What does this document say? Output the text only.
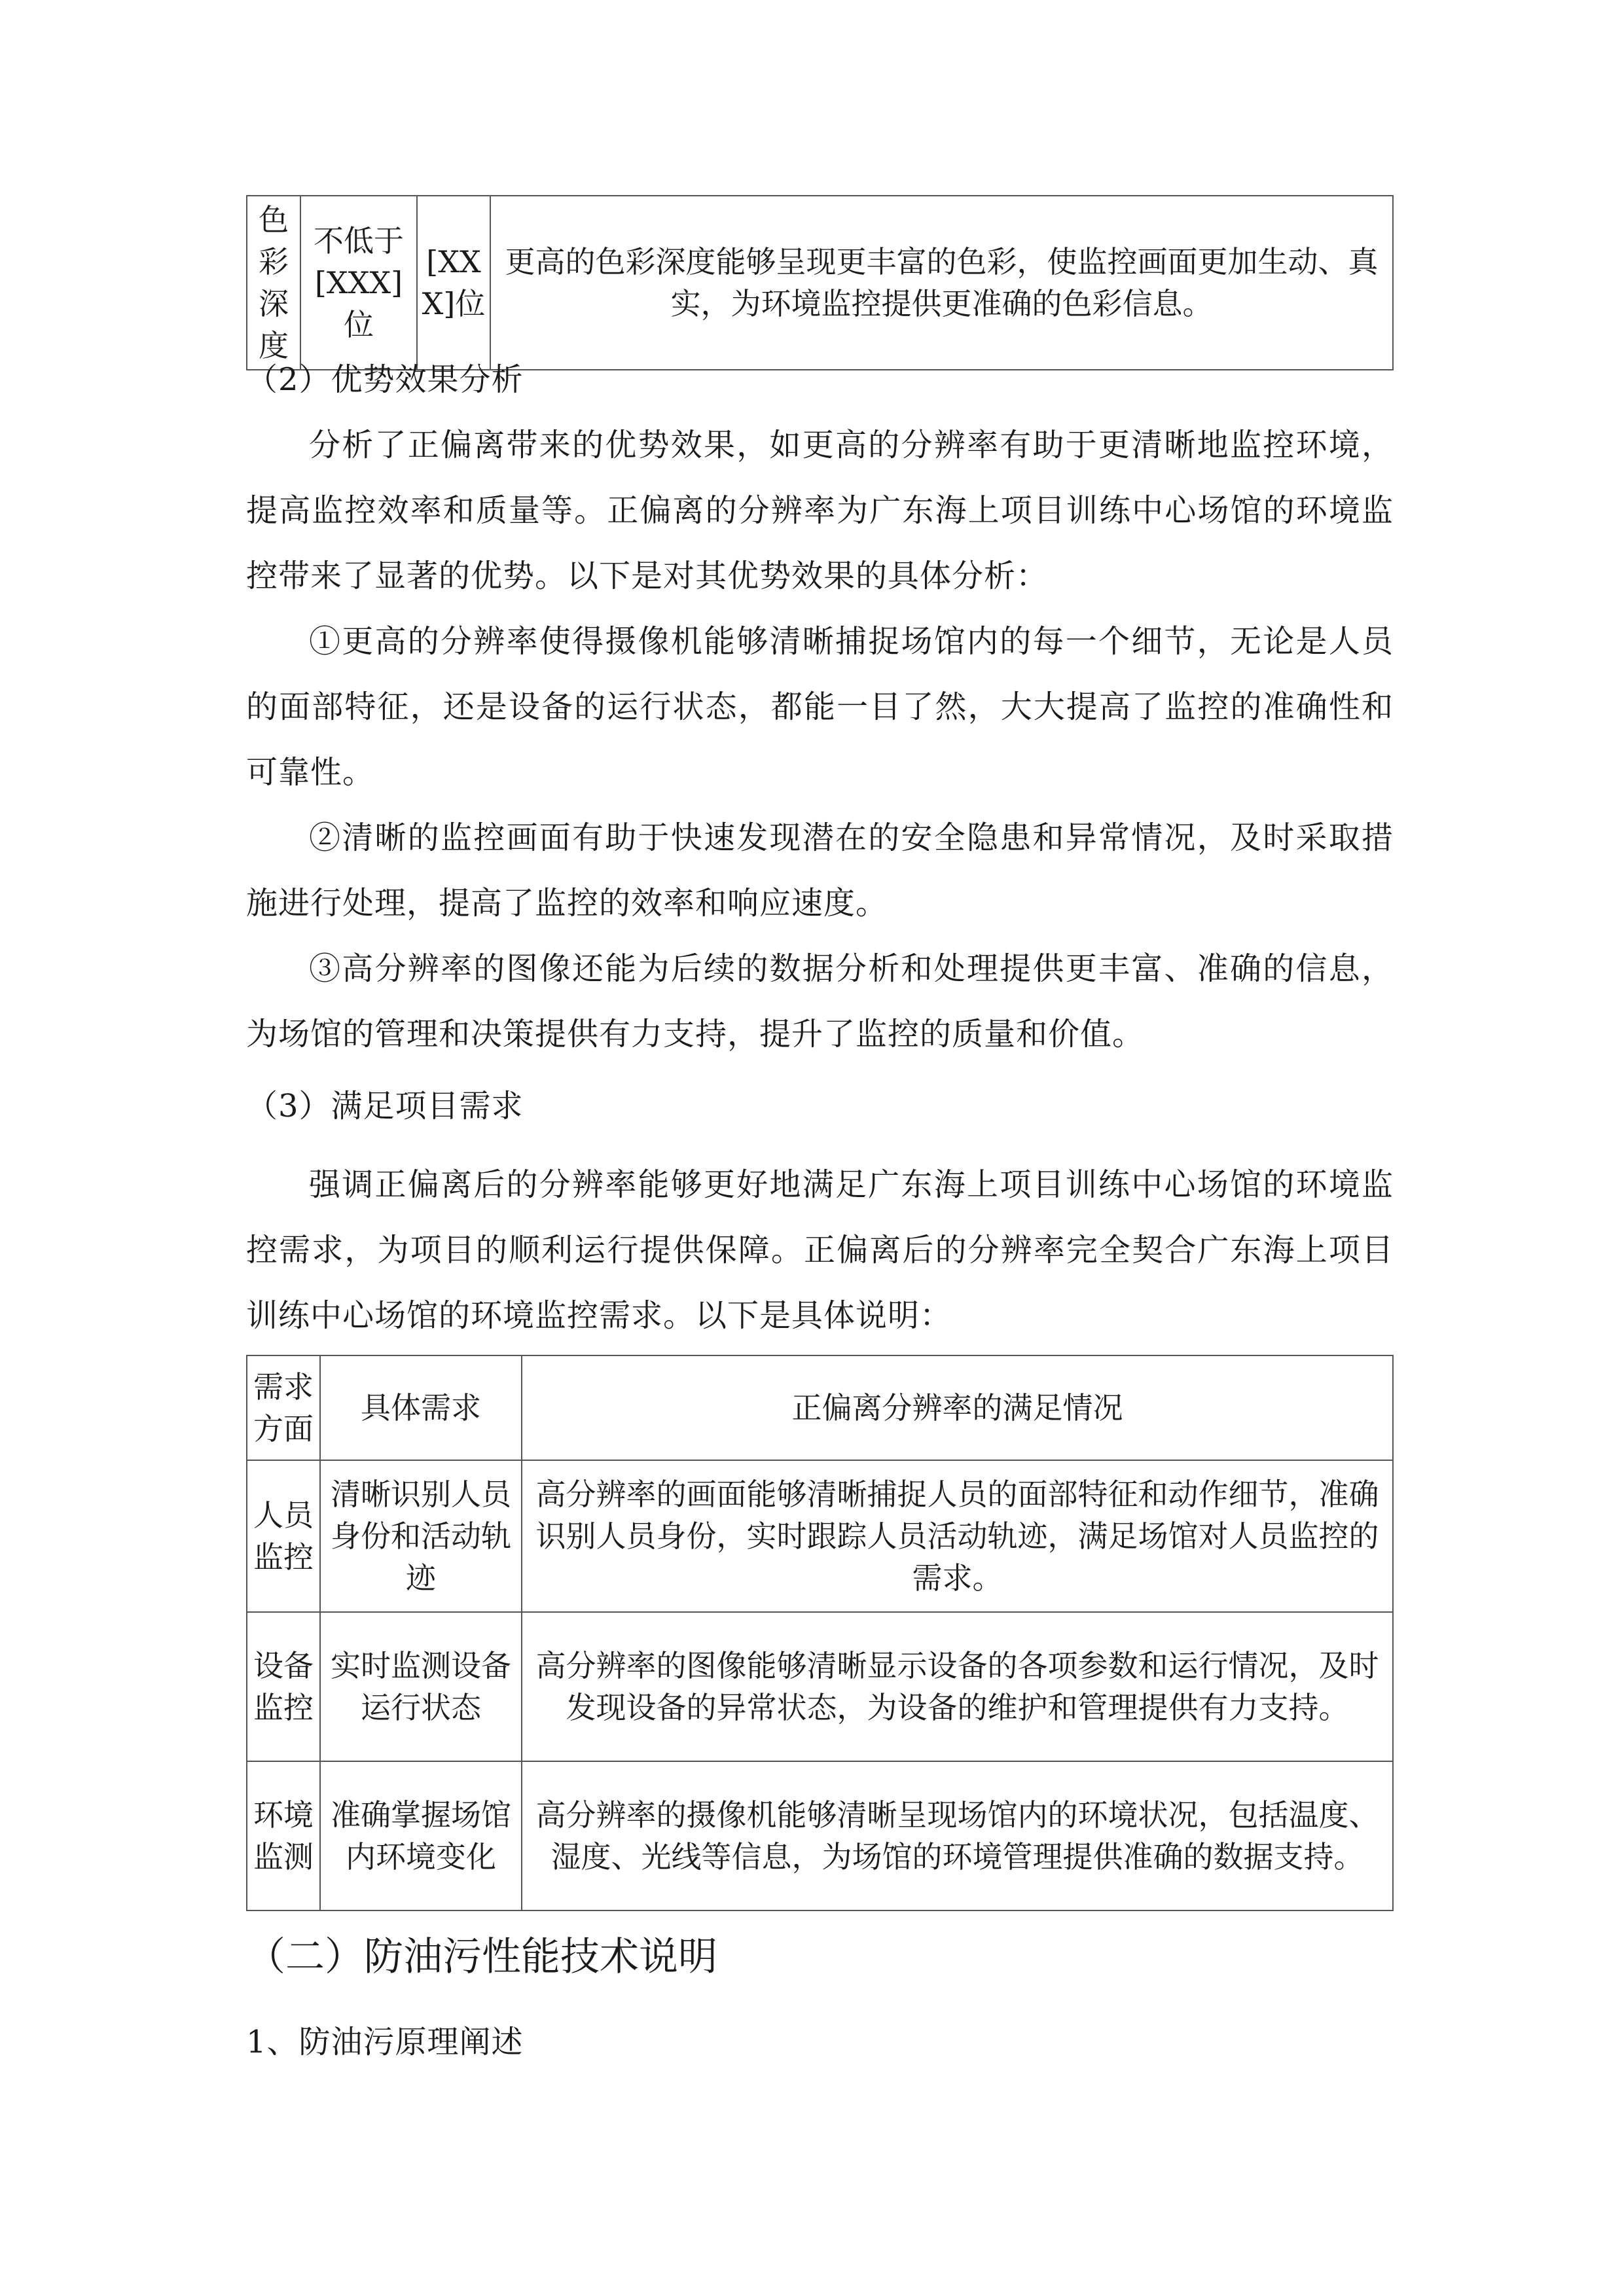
色彩深度	不低于[XXX]位	[XXX]位	更高的色彩深度能够呈现更丰富的色彩，使监控画面更加生动、真实，为环境监控提供更准确的色彩信息。
（2）优势效果分析
分析了正偏离带来的优势效果，如更高的分辨率有助于更清晰地监控环境，提高监控效率和质量等。正偏离的分辨率为广东海上项目训练中心场馆的环境监控带来了显著的优势。以下是对其优势效果的具体分析：
①更高的分辨率使得摄像机能够清晰捕捉场馆内的每一个细节，无论是人员的面部特征，还是设备的运行状态，都能一目了然，大大提高了监控的准确性和可靠性。
②清晰的监控画面有助于快速发现潜在的安全隐患和异常情况，及时采取措施进行处理，提高了监控的效率和响应速度。
③高分辨率的图像还能为后续的数据分析和处理提供更丰富、准确的信息，为场馆的管理和决策提供有力支持，提升了监控的质量和价值。
（3）满足项目需求
强调正偏离后的分辨率能够更好地满足广东海上项目训练中心场馆的环境监控需求，为项目的顺利运行提供保障。正偏离后的分辨率完全契合广东海上项目训练中心场馆的环境监控需求。以下是具体说明：
需求方面	具体需求	正偏离分辨率的满足情况
人员监控	清晰识别人员身份和活动轨迹	高分辨率的画面能够清晰捕捉人员的面部特征和动作细节，准确识别人员身份，实时跟踪人员活动轨迹，满足场馆对人员监控的需求。
设备监控	实时监测设备运行状态	高分辨率的图像能够清晰显示设备的各项参数和运行情况，及时发现设备的异常状态，为设备的维护和管理提供有力支持。
环境监测	准确掌握场馆内环境变化	高分辨率的摄像机能够清晰呈现场馆内的环境状况，包括温度、湿度、光线等信息，为场馆的环境管理提供准确的数据支持。
（二）防油污性能技术说明
1、防油污原理阐述
